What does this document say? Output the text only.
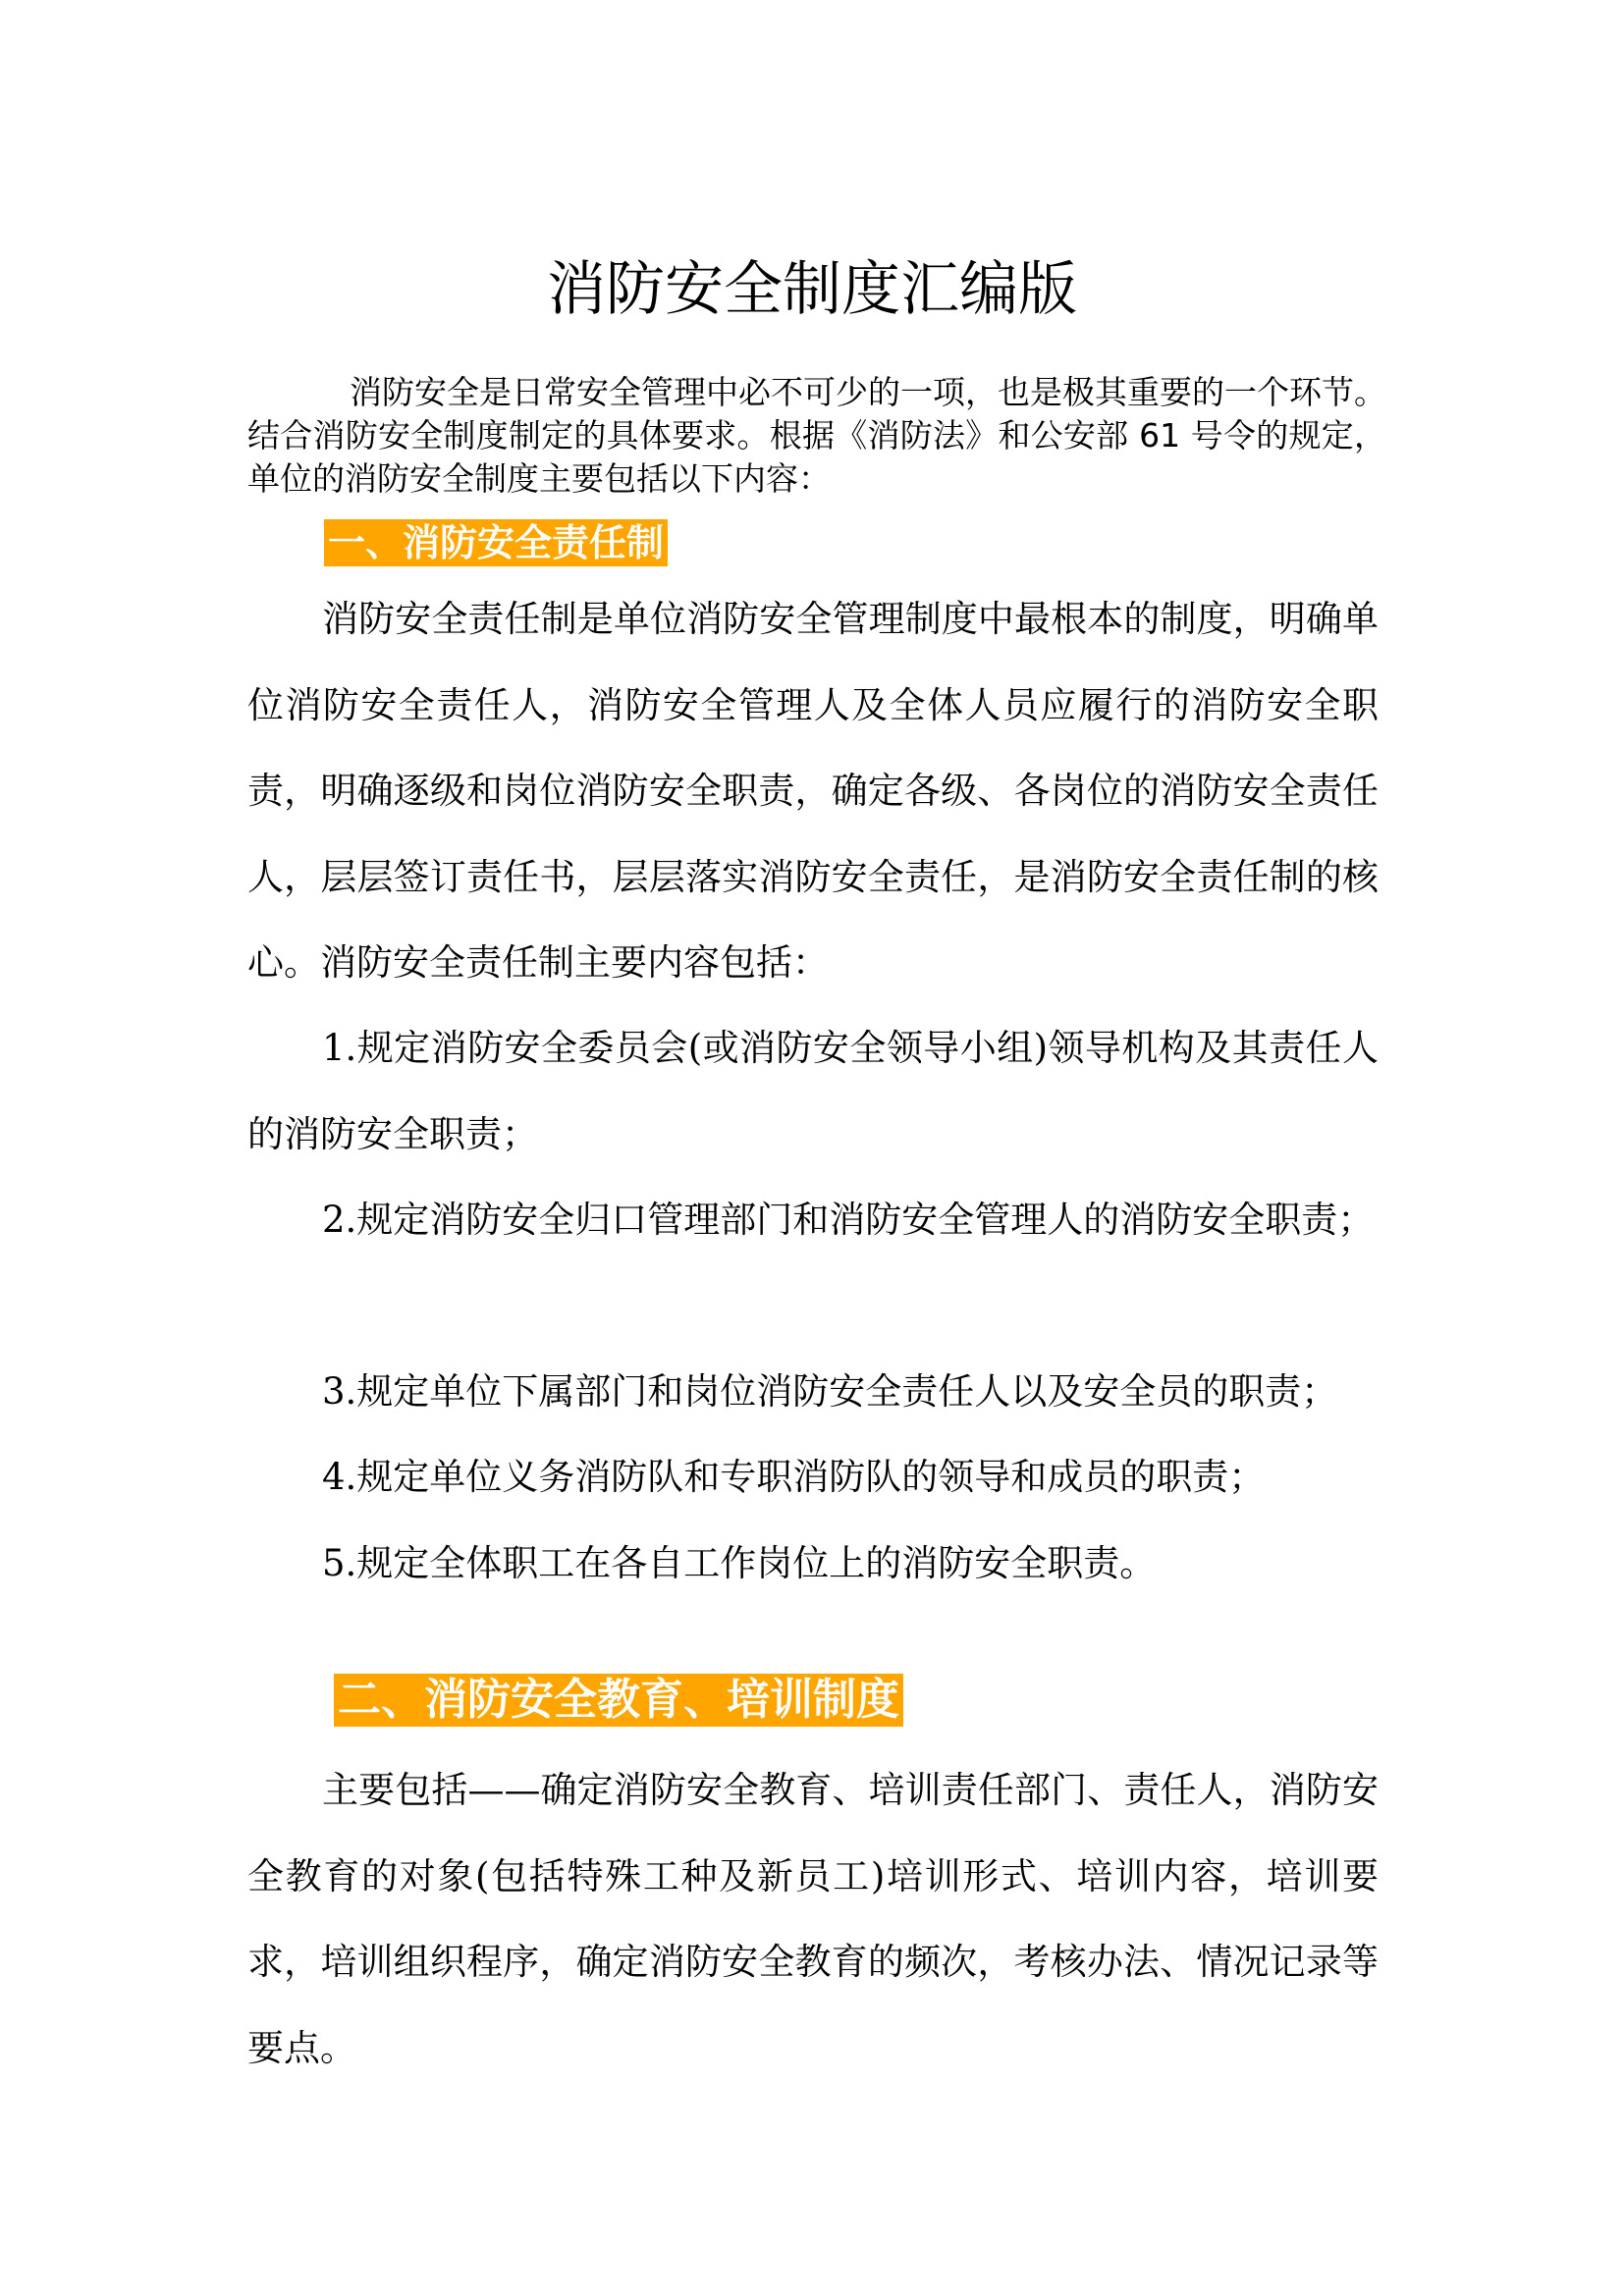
消防安全制度汇编版

消防安全是日常安全管理中必不可少的一项，也是极其重要的一个环节。结合消防安全制度制定的具体要求。根据《消防法》和公安部 61 号令的规定，单位的消防安全制度主要包括以下内容：

一、消防安全责任制

消防安全责任制是单位消防安全管理制度中最根本的制度，明确单位消防安全责任人，消防安全管理人及全体人员应履行的消防安全职责，明确逐级和岗位消防安全职责，确定各级、各岗位的消防安全责任人，层层签订责任书，层层落实消防安全责任，是消防安全责任制的核心。消防安全责任制主要内容包括：

1.规定消防安全委员会(或消防安全领导小组)领导机构及其责任人的消防安全职责；

2.规定消防安全归口管理部门和消防安全管理人的消防安全职责；

3.规定单位下属部门和岗位消防安全责任人以及安全员的职责；

4.规定单位义务消防队和专职消防队的领导和成员的职责；

5.规定全体职工在各自工作岗位上的消防安全职责。

二、消防安全教育、培训制度

主要包括——确定消防安全教育、培训责任部门、责任人，消防安全教育的对象(包括特殊工种及新员工)培训形式、培训内容，培训要求，培训组织程序，确定消防安全教育的频次，考核办法、情况记录等要点。
